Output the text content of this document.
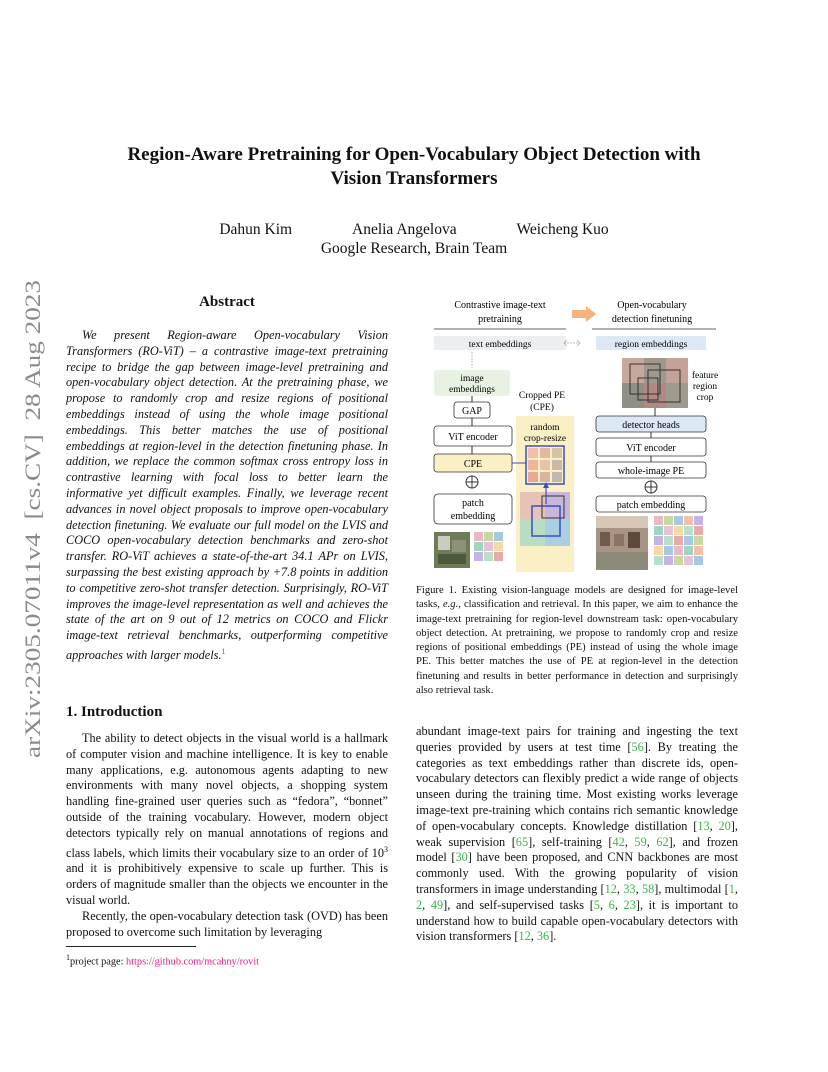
arXiv:2305.07011v4  [cs.CV]  28 Aug 2023
Region-Aware Pretraining for Open-Vocabulary Object Detection with
Vision Transformers
Dahun Kim	Anelia Angelova	Weicheng Kuo
Google Research, Brain Team
Abstract

We present Region-aware Open-vocabulary Vision Transformers (RO-ViT) – a contrastive image-text pretraining recipe to bridge the gap between image-level pretraining and open-vocabulary object detection. At the pretraining phase, we propose to randomly crop and resize regions of positional embeddings instead of using the whole image positional embeddings. This better matches the use of positional embeddings at region-level in the detection finetuning phase. In addition, we replace the common softmax cross entropy loss in contrastive learning with focal loss to better learn the informative yet difficult examples. Finally, we leverage recent advances in novel object proposals to improve open-vocabulary detection finetuning. We evaluate our full model on the LVIS and COCO open-vocabulary detection benchmarks and zero-shot transfer. RO-ViT achieves a state-of-the-art 34.1 APr on LVIS, surpassing the best existing approach by +7.8 points in addition to competitive zero-shot transfer detection. Surprisingly, RO-ViT improves the image-level representation as well and achieves the state of the art on 9 out of 12 metrics on COCO and Flickr image-text retrieval benchmarks, outperforming competitive approaches with larger models.$^1$

1. Introduction

The ability to detect objects in the visual world is a hallmark of computer vision and machine intelligence. It is key to enable many applications, e.g. autonomous agents adapting to new environments with many novel objects, a shopping system handling fine-grained user queries such as “fedora”, “bonnet” outside of the training vocabulary. However, modern object detectors typically rely on manual annotations of regions and class labels, which limits their vocabulary size to an order of $10^3$ and it is prohibitively expensive to scale up further. This is orders of magnitude smaller than the objects we encounter in the visual world.

Recently, the open-vocabulary detection task (OVD) has been proposed to overcome such limitation by leveraging

$^1$project page: https://github.com/mcahny/rovit
abundant image-text pairs for training and ingesting the text queries provided by users at test time [56]. By treating the categories as text embeddings rather than discrete ids, open-vocabulary detectors can flexibly predict a wide range of objects unseen during the training time. Most existing works leverage image-text pre-training which contains rich semantic knowledge of open-vocabulary concepts. Knowledge distillation [13, 20], weak supervision [65], self-training [42, 59, 62], and frozen model [30] have been proposed, and CNN backbones are most commonly used. With the growing popularity of vision transformers in image understanding [12, 33, 58], multimodal [1, 2, 49], and self-supervised tasks [5, 6, 23], it is important to understand how to build capable open-vocabulary detectors with vision transformers [12, 36].
Contrastive image-text
pretraining
Open-vocabulary
detection finetuning
text embeddings	region embeddings
image
embeddings
GAP
ViT encoder
CPE
patch
embedding
Cropped PE
(CPE)
random
crop-resize
feature
region
crop
detector heads
ViT encoder
whole-image PE
patch embedding
Figure 1. Existing vision-language models are designed for image-level tasks, e.g., classification and retrieval. In this paper, we aim to enhance the image-text pretraining for region-level downstream task: open-vocabulary object detection. At pretraining, we propose to randomly crop and resize regions of positional embeddings (PE) instead of using the whole image PE. This better matches the use of PE at region-level in the detection finetuning and results in better performance in detection and surprisingly also retrieval task.
